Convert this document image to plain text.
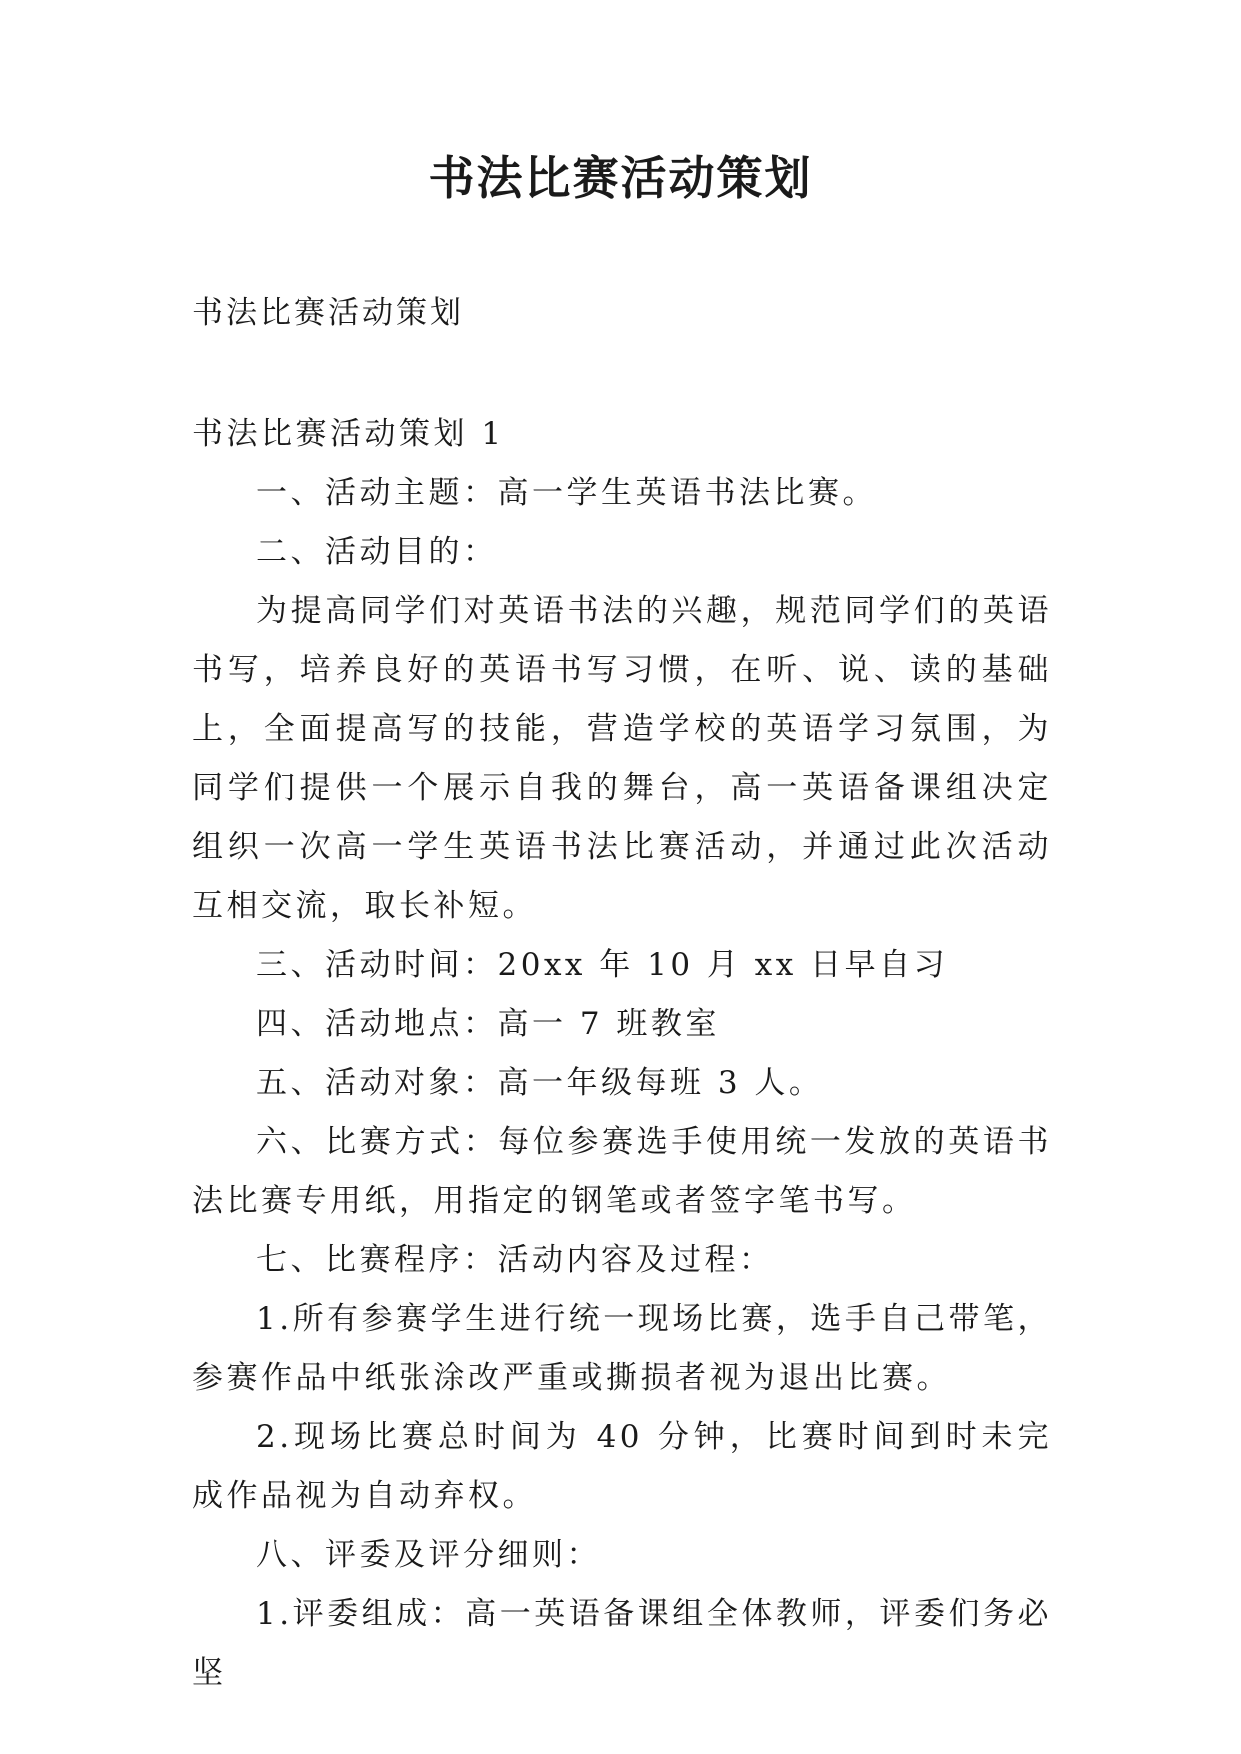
书法比赛活动策划
书法比赛活动策划

书法比赛活动策划 1

一、活动主题：高一学生英语书法比赛。

二、活动目的：

为提高同学们对英语书法的兴趣，规范同学们的英语书写，培养良好的英语书写习惯，在听、说、读的基础上，全面提高写的技能，营造学校的英语学习氛围，为同学们提供一个展示自我的舞台，高一英语备课组决定组织一次高一学生英语书法比赛活动，并通过此次活动互相交流，取长补短。

三、活动时间：20xx 年 10 月 xx 日早自习

四、活动地点：高一 7 班教室

五、活动对象：高一年级每班 3 人。

六、比赛方式：每位参赛选手使用统一发放的英语书法比赛专用纸，用指定的钢笔或者签字笔书写。

七、比赛程序：活动内容及过程：

1.所有参赛学生进行统一现场比赛，选手自己带笔，参赛作品中纸张涂改严重或撕损者视为退出比赛。

2.现场比赛总时间为 40 分钟，比赛时间到时未完成作品视为自动弃权。

八、评委及评分细则：

1.评委组成：高一英语备课组全体教师，评委们务必坚
